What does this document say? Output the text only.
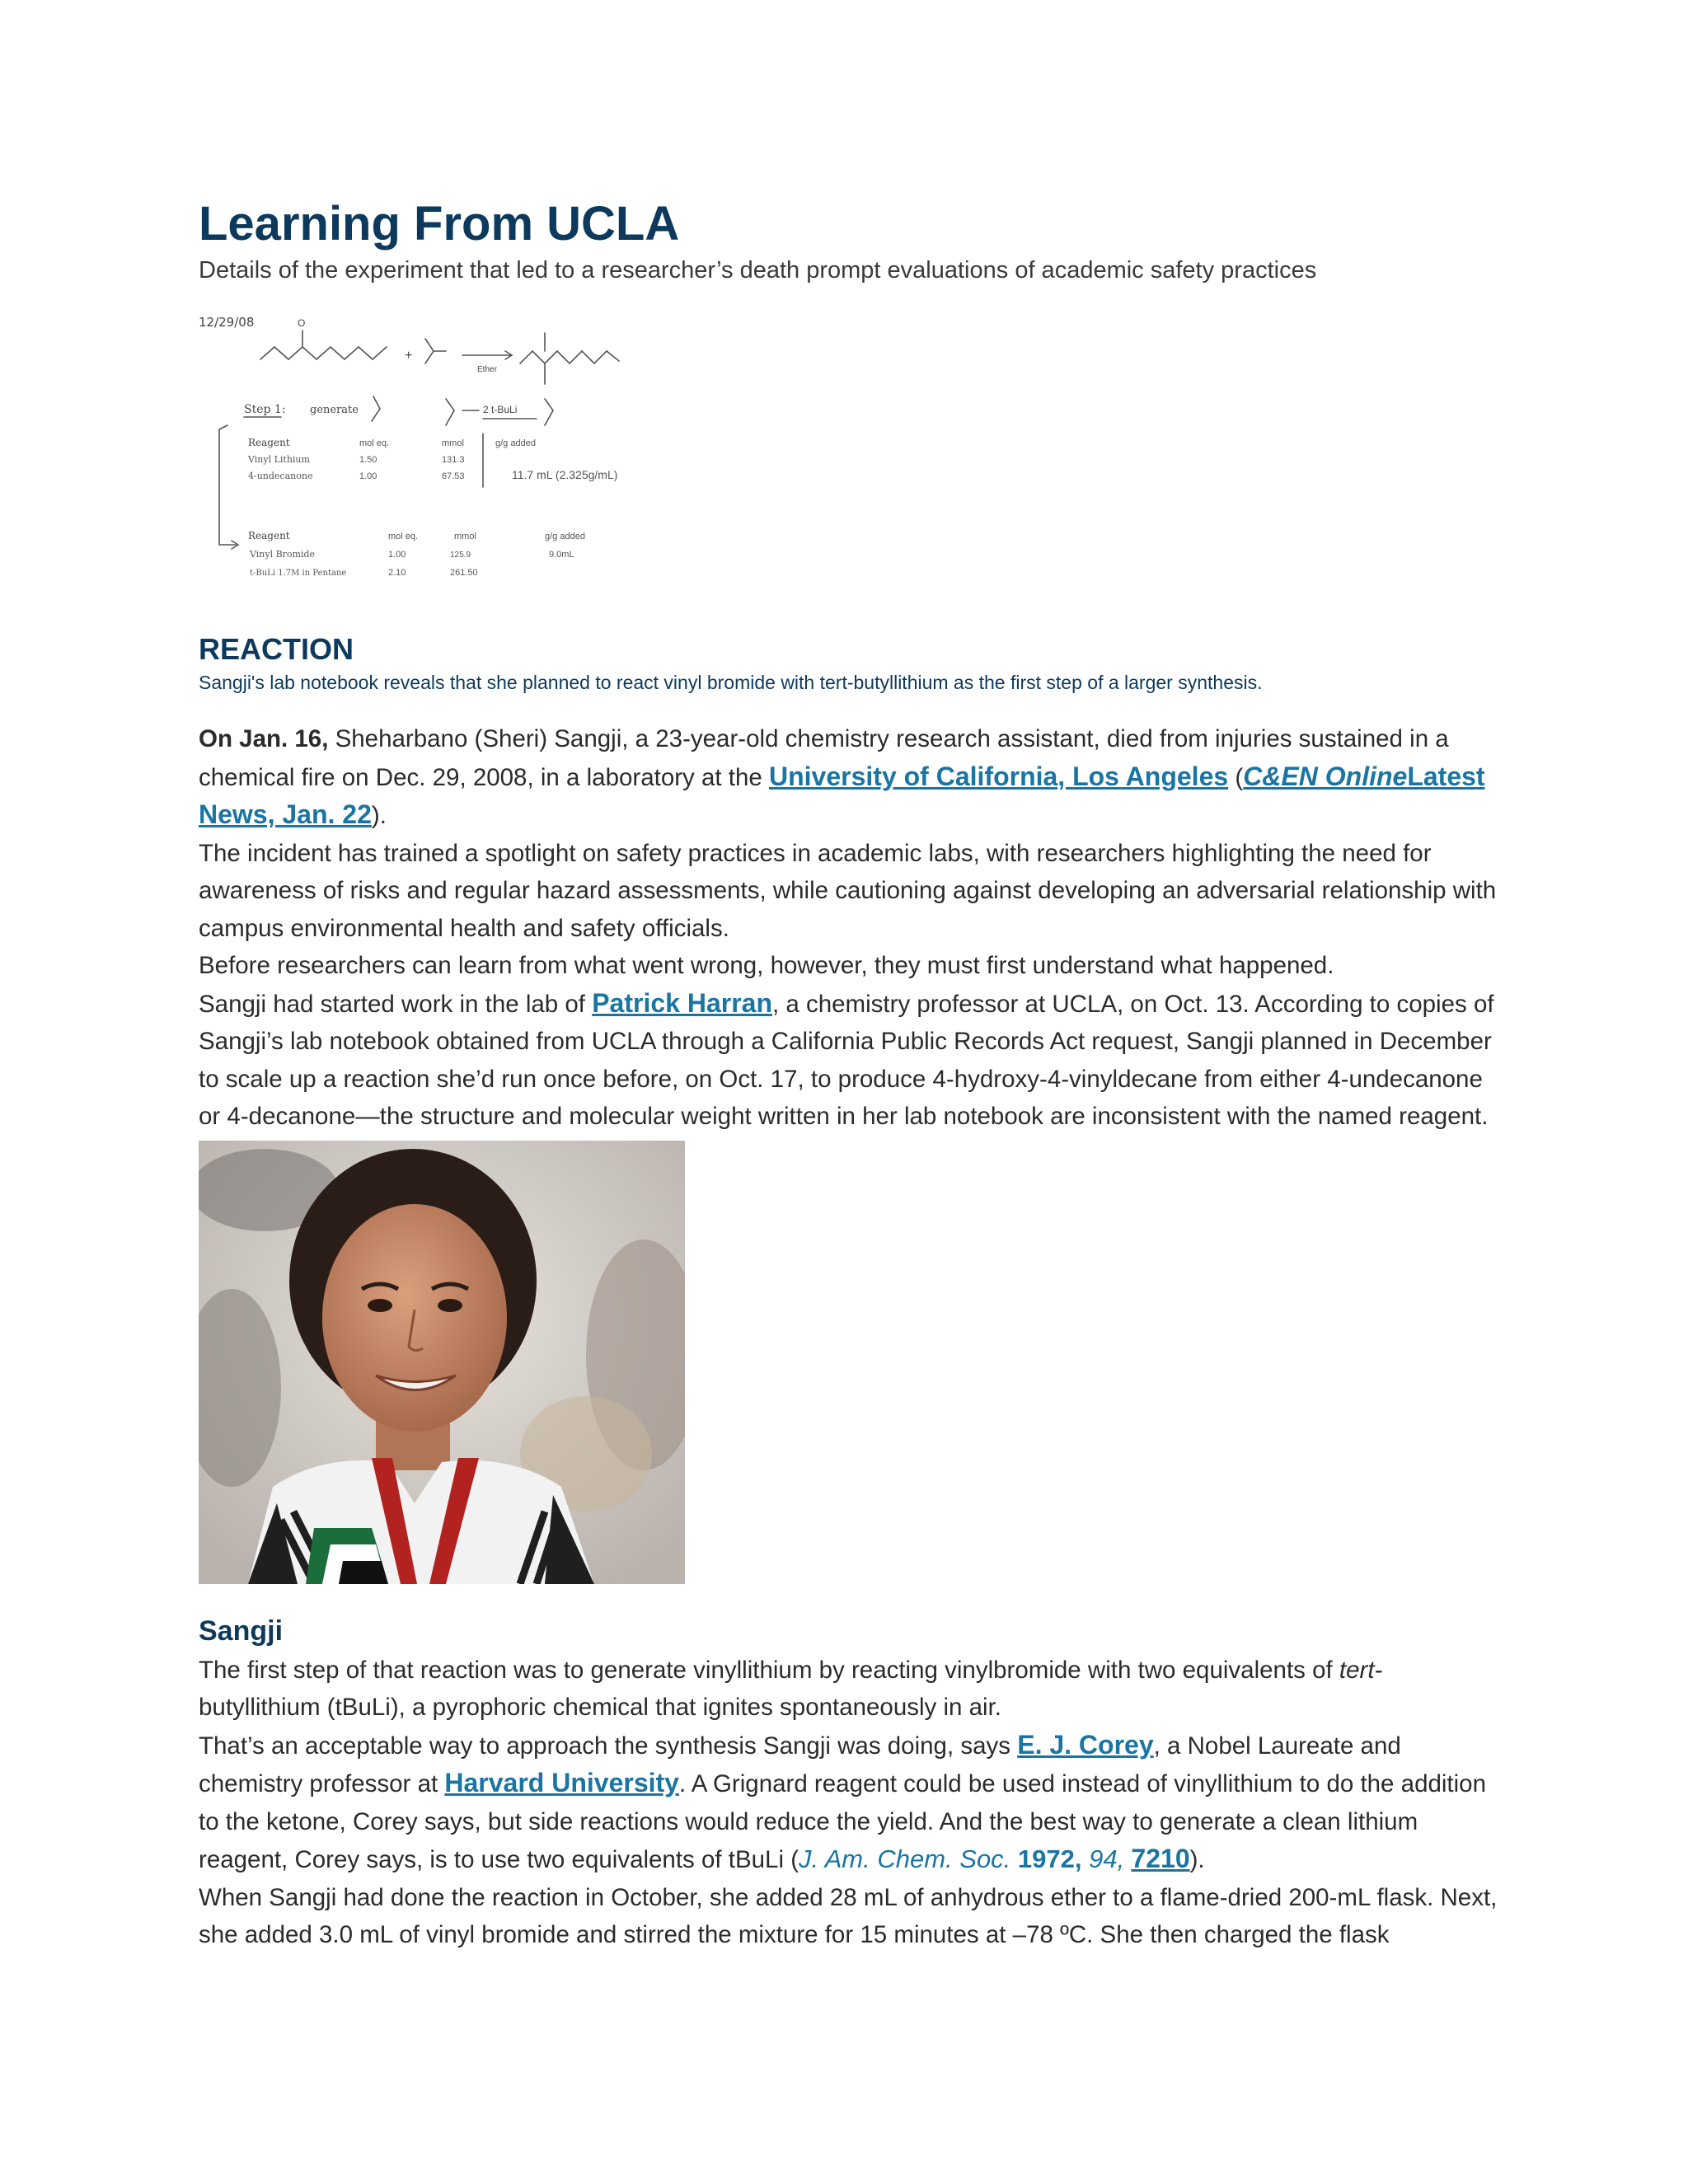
Learning From UCLA

Details of the experiment that led to a researcher’s death prompt evaluations of academic safety practices

12/29/08	O
+
Ether
Step 1: generate	2 t-BuLi
Reagent
Vinyl Lithium
4-undecanone
mol eq.
1.50
1.00
mmol
131.3
67.53
g/g added
11.7 mL (2.325g/mL)
Reagent
Vinyl Bromide
t-BuLi 1.7M in Pentane
mol eq.
1.00
2.10
mmol
125.9
261.50
g/g added
9.0mL
REACTION

Sangji's lab notebook reveals that she planned to react vinyl bromide with tert-butyllithium as the first step of a larger synthesis.

On Jan. 16, Sheharbano (Sheri) Sangji, a 23-year-old chemistry research assistant, died from injuries sustained in a chemical fire on Dec. 29, 2008, in a laboratory at the University of California, Los Angeles (C&EN OnlineLatest News, Jan. 22).

The incident has trained a spotlight on safety practices in academic labs, with researchers highlighting the need for awareness of risks and regular hazard assessments, while cautioning against developing an adversarial relationship with campus environmental health and safety officials.

Before researchers can learn from what went wrong, however, they must first understand what happened.

Sangji had started work in the lab of Patrick Harran, a chemistry professor at UCLA, on Oct. 13. According to copies of Sangji’s lab notebook obtained from UCLA through a California Public Records Act request, Sangji planned in December to scale up a reaction she’d run once before, on Oct. 17, to produce 4-hydroxy-4-vinyldecane from either 4-undecanone or 4-decanone—the structure and molecular weight written in her lab notebook are inconsistent with the named reagent.

Sangji

The first step of that reaction was to generate vinyllithium by reacting vinylbromide with two equivalents of tert-butyllithium (tBuLi), a pyrophoric chemical that ignites spontaneously in air.

That’s an acceptable way to approach the synthesis Sangji was doing, says E. J. Corey, a Nobel Laureate and chemistry professor at Harvard University. A Grignard reagent could be used instead of vinyllithium to do the addition to the ketone, Corey says, but side reactions would reduce the yield. And the best way to generate a clean lithium reagent, Corey says, is to use two equivalents of tBuLi (J. Am. Chem. Soc. 1972, 94, 7210).

When Sangji had done the reaction in October, she added 28 mL of anhydrous ether to a flame-dried 200-mL flask. Next, she added 3.0 mL of vinyl bromide and stirred the mixture for 15 minutes at –78 ºC. She then charged the flask
